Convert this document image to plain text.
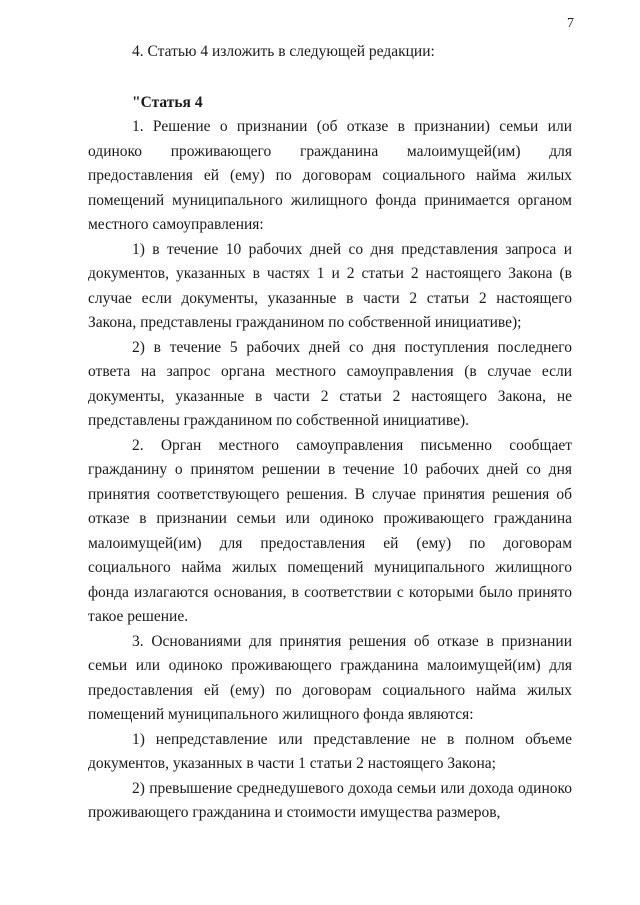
7

4. Статью 4 изложить в следующей редакции:

"Статья 4

1. Решение о признании (об отказе в признании) семьи или одиноко проживающего гражданина малоимущей(им) для предоставления ей (ему) по договорам социального найма жилых помещений муниципального жилищного фонда принимается органом местного самоуправления:

1) в течение 10 рабочих дней со дня представления запроса и документов, указанных в частях 1 и 2 статьи 2 настоящего Закона (в случае если документы, указанные в части 2 статьи 2 настоящего Закона, представлены гражданином по собственной инициативе);

2) в течение 5 рабочих дней со дня поступления последнего ответа на запрос органа местного самоуправления (в случае если документы, указанные в части 2 статьи 2 настоящего Закона, не представлены гражданином по собственной инициативе).

2. Орган местного самоуправления письменно сообщает гражданину о принятом решении в течение 10 рабочих дней со дня принятия соответствующего решения. В случае принятия решения об отказе в признании семьи или одиноко проживающего гражданина малоимущей(им) для предоставления ей (ему) по договорам социального найма жилых помещений муниципального жилищного фонда излагаются основания, в соответствии с которыми было принято такое решение.

3. Основаниями для принятия решения об отказе в признании семьи или одиноко проживающего гражданина малоимущей(им) для предоставления ей (ему) по договорам социального найма жилых помещений муниципального жилищного фонда являются:

1) непредставление или представление не в полном объеме документов, указанных в части 1 статьи 2 настоящего Закона;

2) превышение среднедушевого дохода семьи или дохода одиноко проживающего гражданина и стоимости имущества размеров,
